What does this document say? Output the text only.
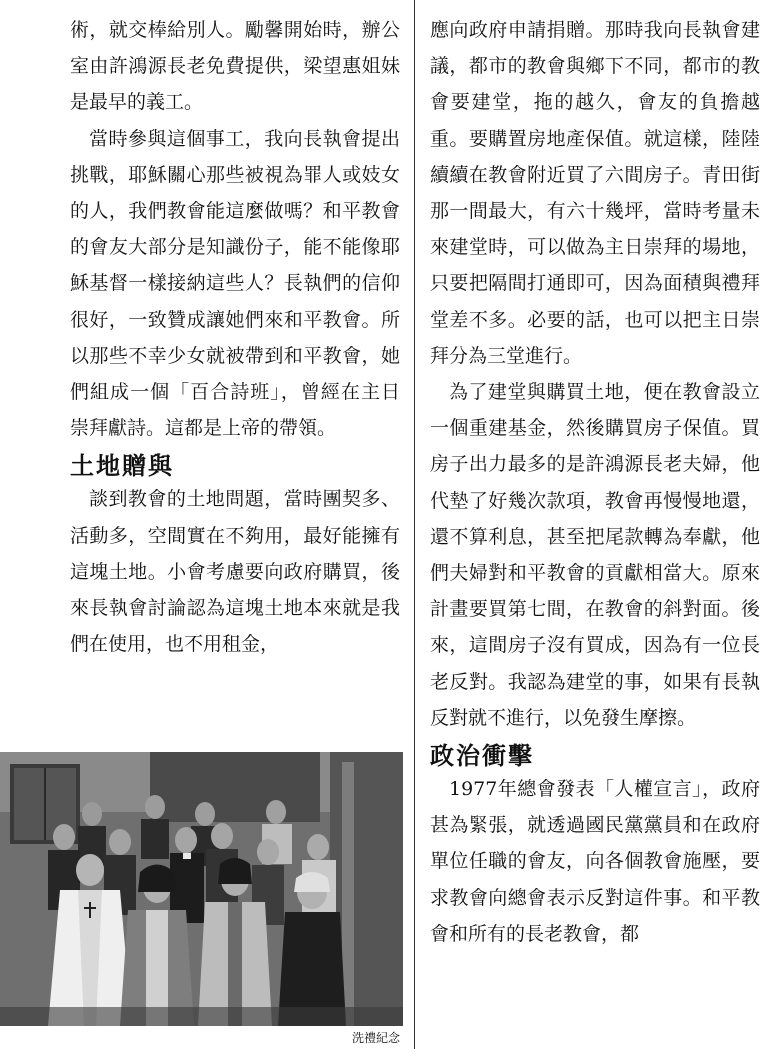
術，就交棒給別人。勵馨開始時，辦公室由許鴻源長老免費提供，梁望惠姐妹是最早的義工。

當時參與這個事工，我向長執會提出挑戰，耶穌關心那些被視為罪人或妓女的人，我們教會能這麼做嗎？和平教會的會友大部分是知識份子，能不能像耶穌基督一樣接納這些人？長執們的信仰很好，一致贊成讓她們來和平教會。所以那些不幸少女就被帶到和平教會，她們組成一個「百合詩班」，曾經在主日崇拜獻詩。這都是上帝的帶領。

土地贈與

談到教會的土地問題，當時團契多、活動多，空間實在不夠用，最好能擁有這塊土地。小會考慮要向政府購買，後來長執會討論認為這塊土地本來就是我們在使用，也不用租金，

應向政府申請捐贈。那時我向長執會建議，都市的教會與鄉下不同，都市的教會要建堂，拖的越久，會友的負擔越重。要購置房地產保值。就這樣，陸陸續續在教會附近買了六間房子。青田街那一間最大，有六十幾坪，當時考量未來建堂時，可以做為主日崇拜的場地，只要把隔間打通即可，因為面積與禮拜堂差不多。必要的話，也可以把主日崇拜分為三堂進行。

為了建堂與購買土地，便在教會設立一個重建基金，然後購買房子保值。買房子出力最多的是許鴻源長老夫婦，他代墊了好幾次款項，教會再慢慢地還，還不算利息，甚至把尾款轉為奉獻，他們夫婦對和平教會的貢獻相當大。原來計畫要買第七間，在教會的斜對面。後來，這間房子沒有買成，因為有一位長老反對。我認為建堂的事，如果有長執反對就不進行，以免發生摩擦。

政治衝擊

1977年總會發表「人權宣言」，政府甚為緊張，就透過國民黨黨員和在政府單位任職的會友，向各個教會施壓，要求教會向總會表示反對這件事。和平教會和所有的長老教會，都

洗禮紀念
